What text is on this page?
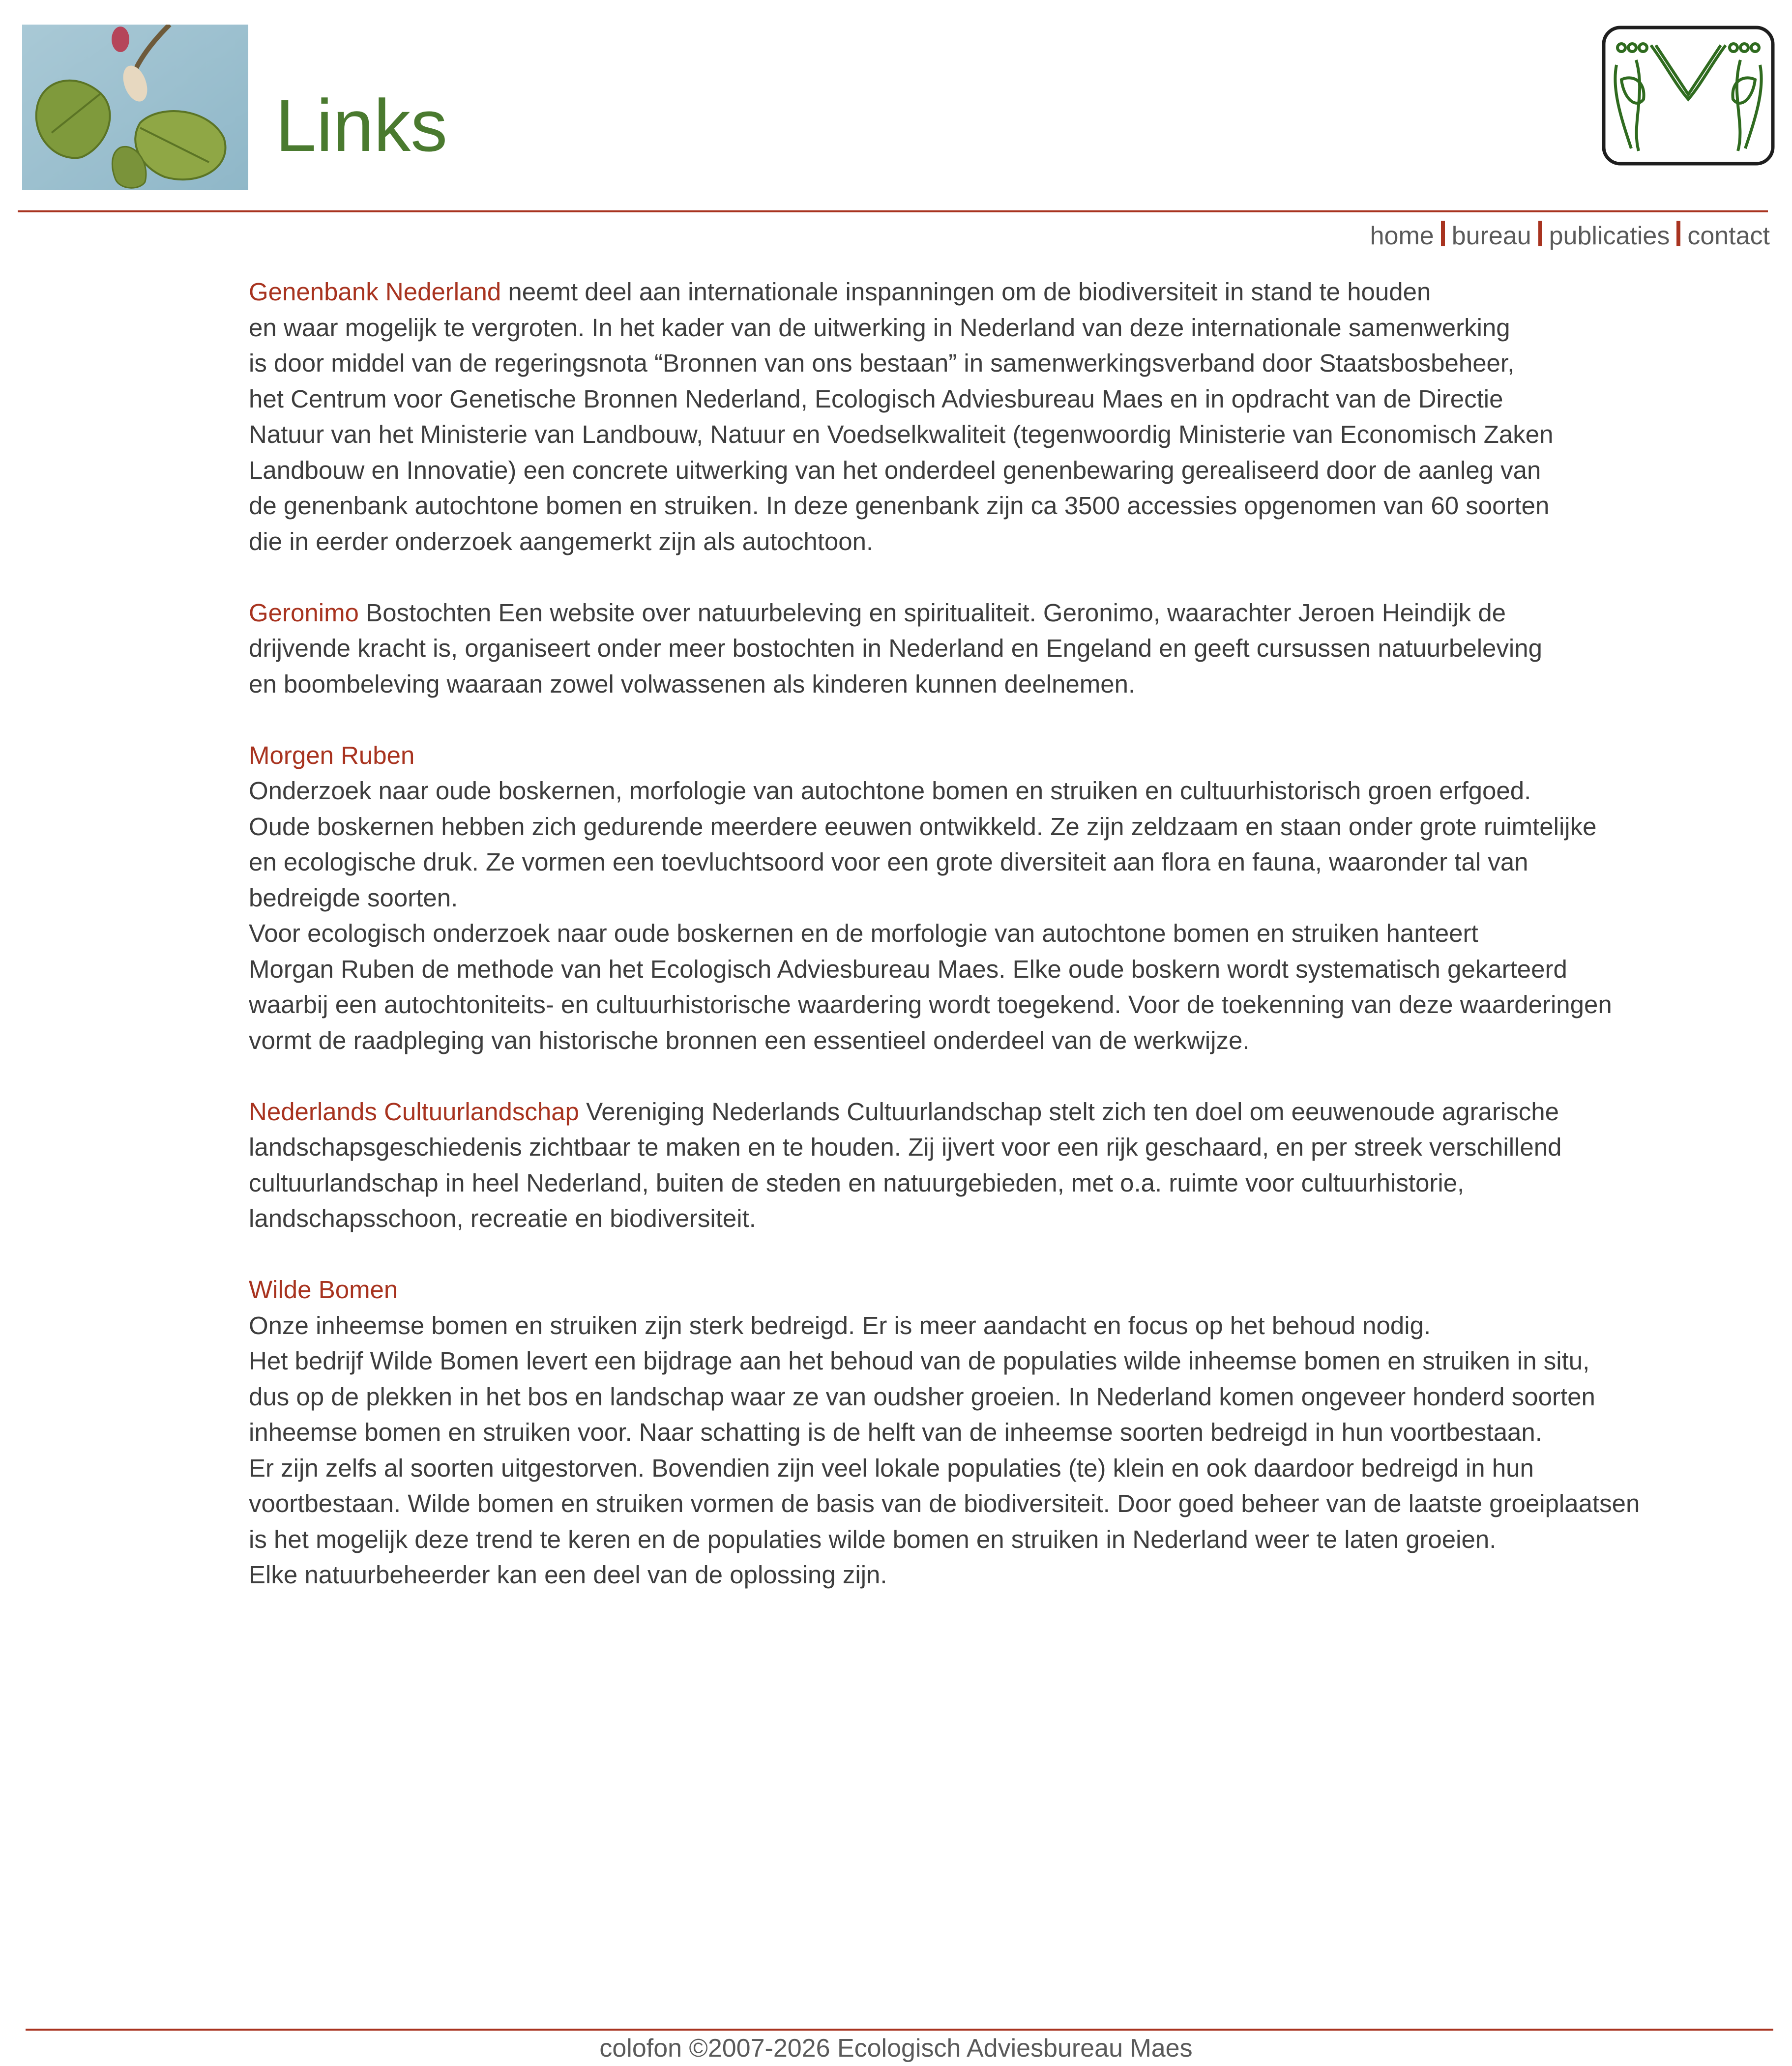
Links
home bureau publicaties contact
Genenbank Nederland neemt deel aan internationale inspanningen om de biodiversiteit in stand te houden
en waar mogelijk te vergroten. In het kader van de uitwerking in Nederland van deze internationale samenwerking
is door middel van de regeringsnota “Bronnen van ons bestaan” in samenwerkingsverband door Staatsbosbeheer,
het Centrum voor Genetische Bronnen Nederland, Ecologisch Adviesbureau Maes en in opdracht van de Directie
Natuur van het Ministerie van Landbouw, Natuur en Voedselkwaliteit (tegenwoordig Ministerie van Economisch Zaken
Landbouw en Innovatie) een concrete uitwerking van het onderdeel genenbewaring gerealiseerd door de aanleg van
de genenbank autochtone bomen en struiken. In deze genenbank zijn ca 3500 accessies opgenomen van 60 soorten
die in eerder onderzoek aangemerkt zijn als autochtoon.
Geronimo Bostochten Een website over natuurbeleving en spiritualiteit. Geronimo, waarachter Jeroen Heindijk de
drijvende kracht is, organiseert onder meer bostochten in Nederland en Engeland en geeft cursussen natuurbeleving
en boombeleving waaraan zowel volwassenen als kinderen kunnen deelnemen.
Morgen Ruben
Onderzoek naar oude boskernen, morfologie van autochtone bomen en struiken en cultuurhistorisch groen erfgoed.
Oude boskernen hebben zich gedurende meerdere eeuwen ontwikkeld. Ze zijn zeldzaam en staan onder grote ruimtelijke
en ecologische druk. Ze vormen een toevluchtsoord voor een grote diversiteit aan flora en fauna, waaronder tal van
bedreigde soorten.
Voor ecologisch onderzoek naar oude boskernen en de morfologie van autochtone bomen en struiken hanteert
Morgan Ruben de methode van het Ecologisch Adviesbureau Maes. Elke oude boskern wordt systematisch gekarteerd
waarbij een autochtoniteits- en cultuurhistorische waardering wordt toegekend. Voor de toekenning van deze waarderingen
vormt de raadpleging van historische bronnen een essentieel onderdeel van de werkwijze.
Nederlands Cultuurlandschap Vereniging Nederlands Cultuurlandschap stelt zich ten doel om eeuwenoude agrarische
landschapsgeschiedenis zichtbaar te maken en te houden. Zij ijvert voor een rijk geschaard, en per streek verschillend
cultuurlandschap in heel Nederland, buiten de steden en natuurgebieden, met o.a. ruimte voor cultuurhistorie,
landschapsschoon, recreatie en biodiversiteit.
Wilde Bomen
Onze inheemse bomen en struiken zijn sterk bedreigd. Er is meer aandacht en focus op het behoud nodig.
Het bedrijf Wilde Bomen levert een bijdrage aan het behoud van de populaties wilde inheemse bomen en struiken in situ,
dus op de plekken in het bos en landschap waar ze van oudsher groeien. In Nederland komen ongeveer honderd soorten
inheemse bomen en struiken voor. Naar schatting is de helft van de inheemse soorten bedreigd in hun voortbestaan.
Er zijn zelfs al soorten uitgestorven. Bovendien zijn veel lokale populaties (te) klein en ook daardoor bedreigd in hun
voortbestaan. Wilde bomen en struiken vormen de basis van de biodiversiteit. Door goed beheer van de laatste groeiplaatsen
is het mogelijk deze trend te keren en de populaties wilde bomen en struiken in Nederland weer te laten groeien.
Elke natuurbeheerder kan een deel van de oplossing zijn.
colofon ©2007-2026 Ecologisch Adviesbureau Maes
